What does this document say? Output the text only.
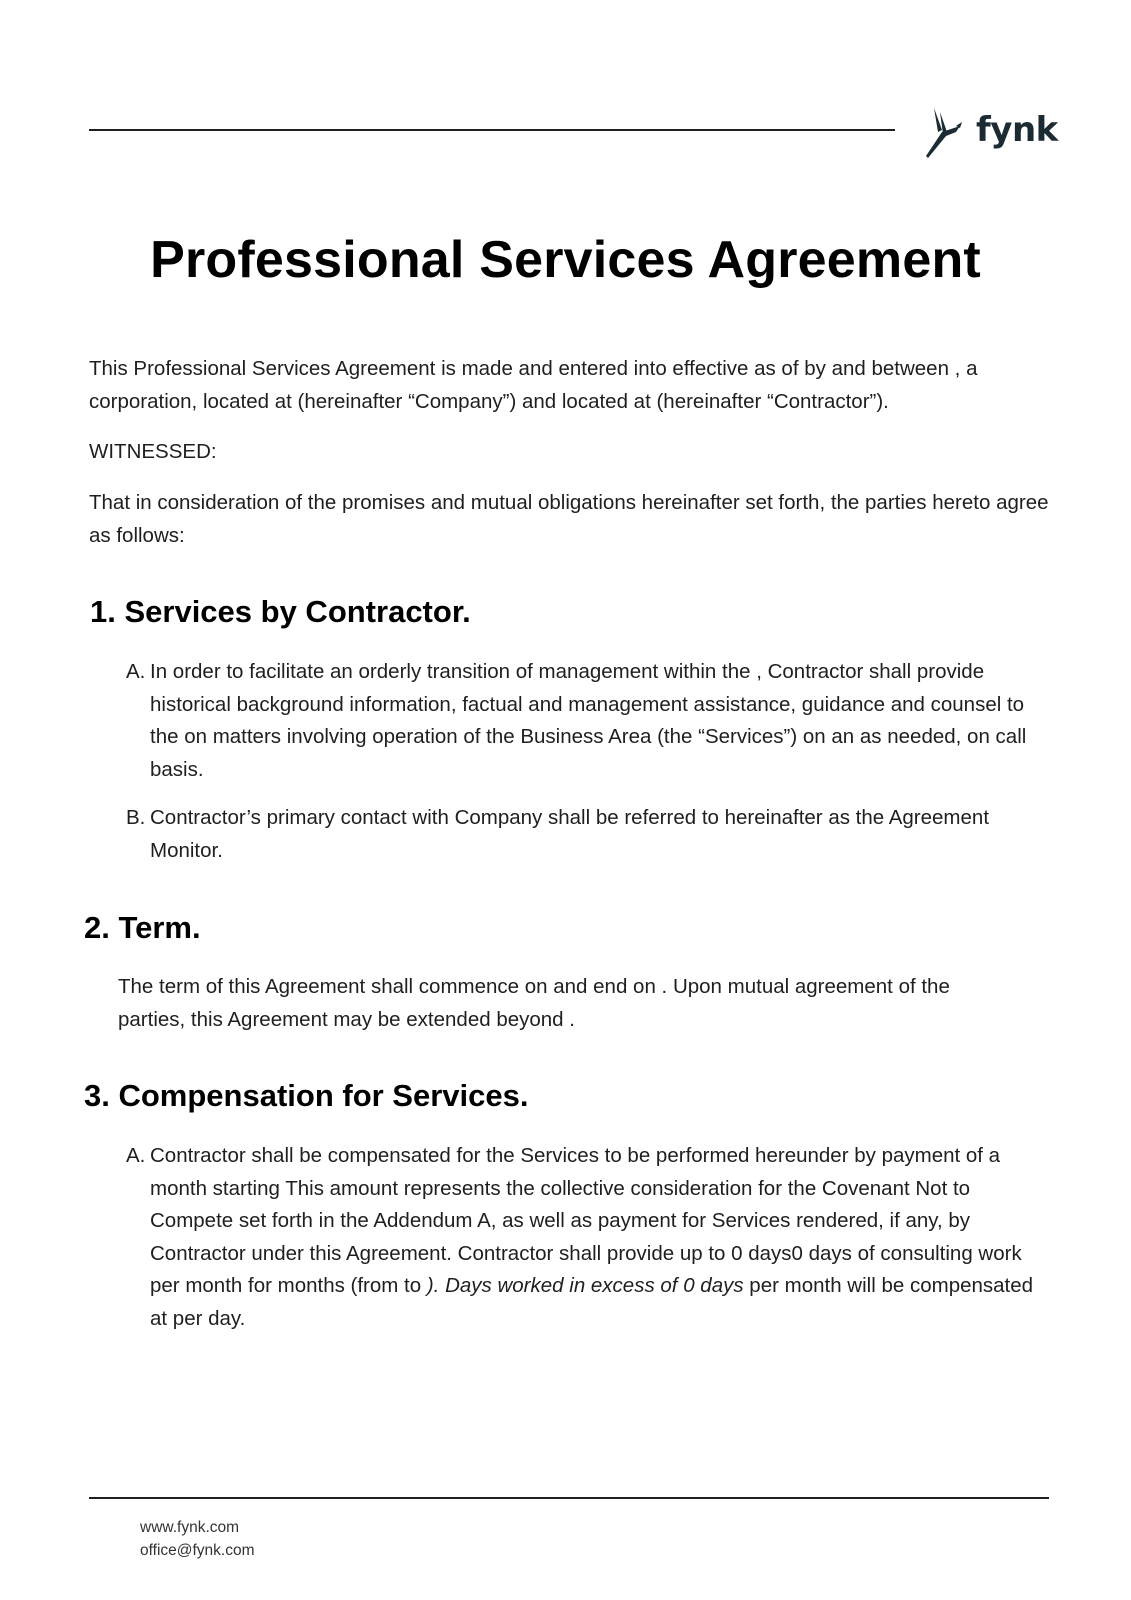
fynk
Professional Services Agreement

This Professional Services Agreement is made and entered into effective as of by and between , a corporation, located at (hereinafter “Company”) and located at (hereinafter “Contractor”).

WITNESSED:

That in consideration of the promises and mutual obligations hereinafter set forth, the parties hereto agree as follows:

1. Services by Contractor.
A. In order to facilitate an orderly transition of management within the , Contractor shall provide historical background information, factual and management assistance, guidance and counsel to the on matters involving operation of the Business Area (the “Services”) on an as needed, on call basis.
B. Contractor’s primary contact with Company shall be referred to hereinafter as the Agreement Monitor.
2. Term.

The term of this Agreement shall commence on and end on . Upon mutual agreement of the parties, this Agreement may be extended beyond .

3. Compensation for Services.
A. Contractor shall be compensated for the Services to be performed hereunder by payment of a month starting This amount represents the collective consideration for the Covenant Not to Compete set forth in the Addendum A, as well as payment for Services rendered, if any, by Contractor under this Agreement. Contractor shall provide up to 0 days0 days of consulting work per month for months (from to ). Days worked in excess of 0 days per month will be compensated at per day.
www.fynk.com
office@fynk.com
